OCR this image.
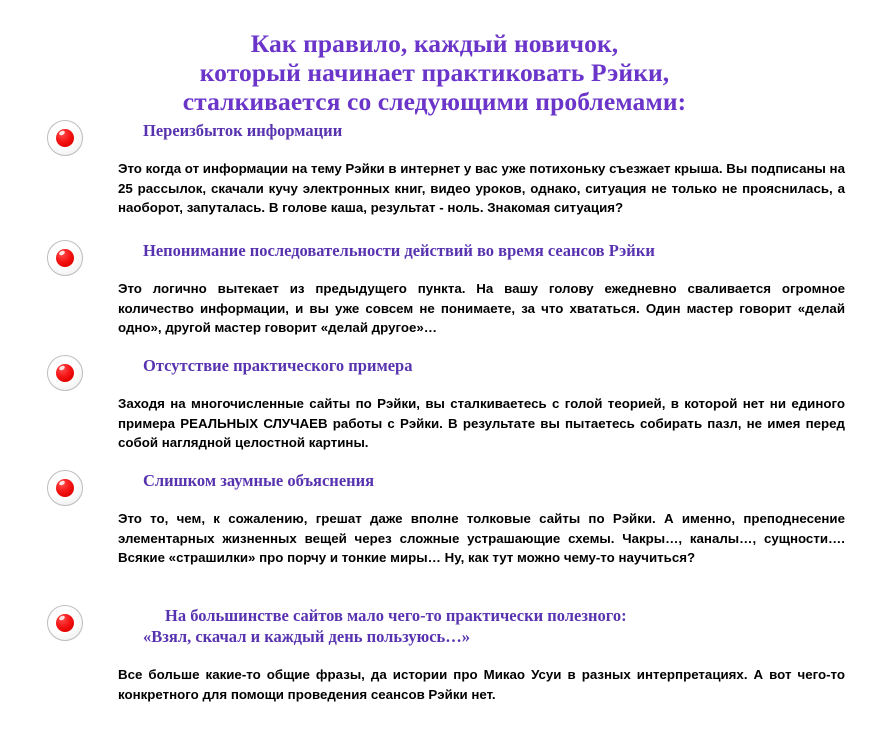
Как правило, каждый новичок,
который начинает практиковать Рэйки,
сталкивается со следующими проблемами:
Переизбыток информации

Это когда от информации на тему Рэйки в интернет у вас уже потихоньку съезжает крыша. Вы подписаны на 25 рассылок, скачали кучу электронных книг, видео уроков, однако, ситуация не только не прояснилась, а наоборот, запуталась. В голове каша, результат - ноль. Знакомая ситуация?

Непонимание последовательности действий во время сеансов Рэйки

Это логично вытекает из предыдущего пункта. На вашу голову ежедневно сваливается огромное количество информации, и вы уже совсем не понимаете, за что хвататься. Один мастер говорит «делай одно», другой мастер говорит «делай другое»…

Отсутствие практического примера

Заходя на многочисленные сайты по Рэйки, вы сталкиваетесь с голой теорией, в которой нет ни единого примера РЕАЛЬНЫХ СЛУЧАЕВ работы с Рэйки. В результате вы пытаетесь собирать пазл, не имея перед собой наглядной целостной картины.

Слишком заумные объяснения

Это то, чем, к сожалению, грешат даже вполне толковые сайты по Рэйки. А именно, преподнесение элементарных жизненных вещей через сложные устрашающие схемы. Чакры…, каналы…, сущности…. Всякие «страшилки» про порчу и тонкие миры… Ну, как тут можно чему-то научиться?

На большинстве сайтов мало чего-то практически полезного:
«Взял, скачал и каждый день пользуюсь…»

Все больше какие-то общие фразы, да истории про Микао Усуи в разных интерпретациях. А вот чего-то конкретного для помощи проведения сеансов Рэйки нет.
